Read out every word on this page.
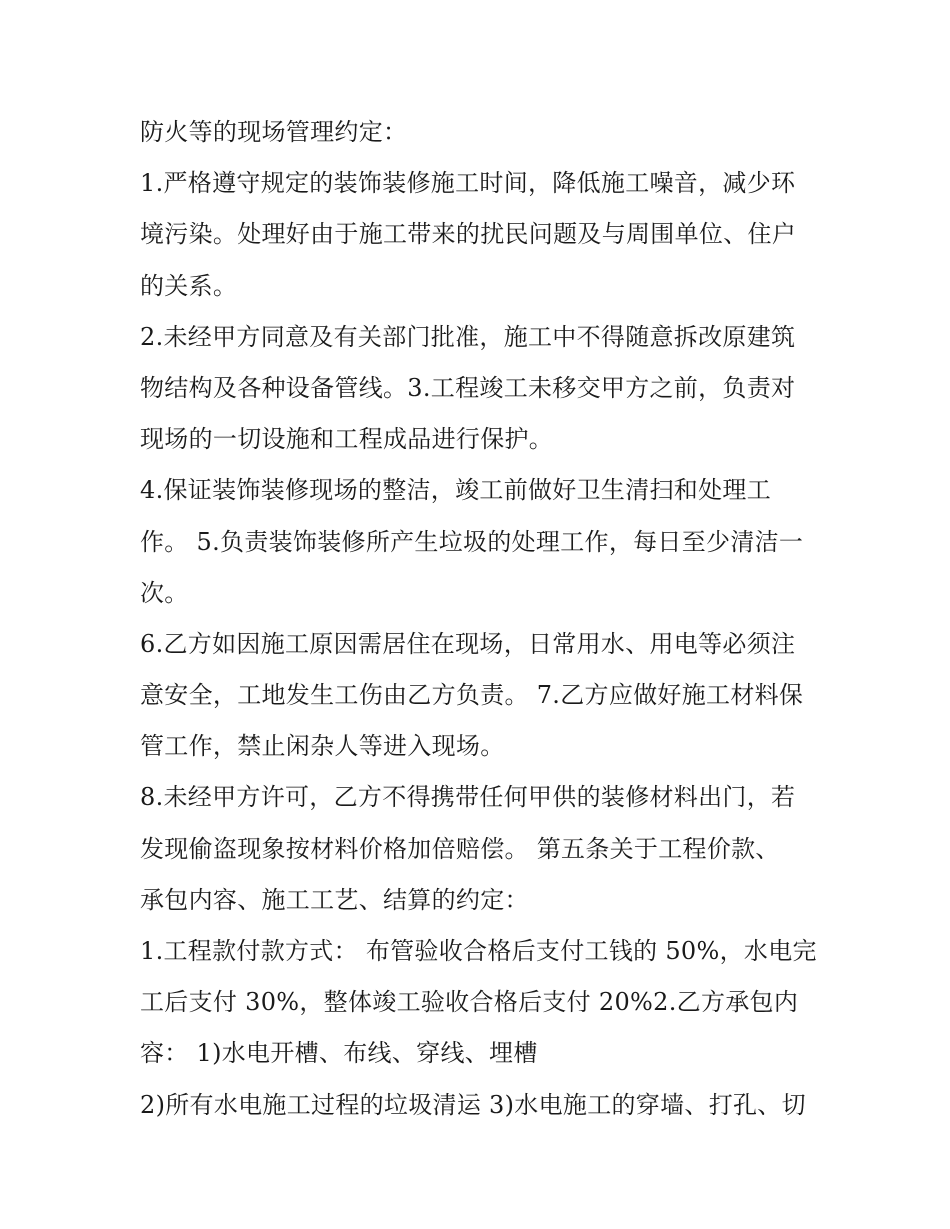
防火等的现场管理约定：
1.严格遵守规定的装饰装修施工时间，降低施工噪音，减少环
境污染。处理好由于施工带来的扰民问题及与周围单位、住户
的关系。
2.未经甲方同意及有关部门批准，施工中不得随意拆改原建筑
物结构及各种设备管线。3.工程竣工未移交甲方之前，负责对
现场的一切设施和工程成品进行保护。
4.保证装饰装修现场的整洁，竣工前做好卫生清扫和处理工
作。 5.负责装饰装修所产生垃圾的处理工作，每日至少清洁一
次。
6.乙方如因施工原因需居住在现场，日常用水、用电等必须注
意安全，工地发生工伤由乙方负责。 7.乙方应做好施工材料保
管工作，禁止闲杂人等进入现场。
8.未经甲方许可，乙方不得携带任何甲供的装修材料出门，若
发现偷盗现象按材料价格加倍赔偿。 第五条关于工程价款、
承包内容、施工工艺、结算的约定：
1.工程款付款方式： 布管验收合格后支付工钱的 50%，水电完
工后支付 30%，整体竣工验收合格后支付 20%2.乙方承包内
容： 1)水电开槽、布线、穿线、埋槽
2)所有水电施工过程的垃圾清运 3)水电施工的穿墙、打孔、切
